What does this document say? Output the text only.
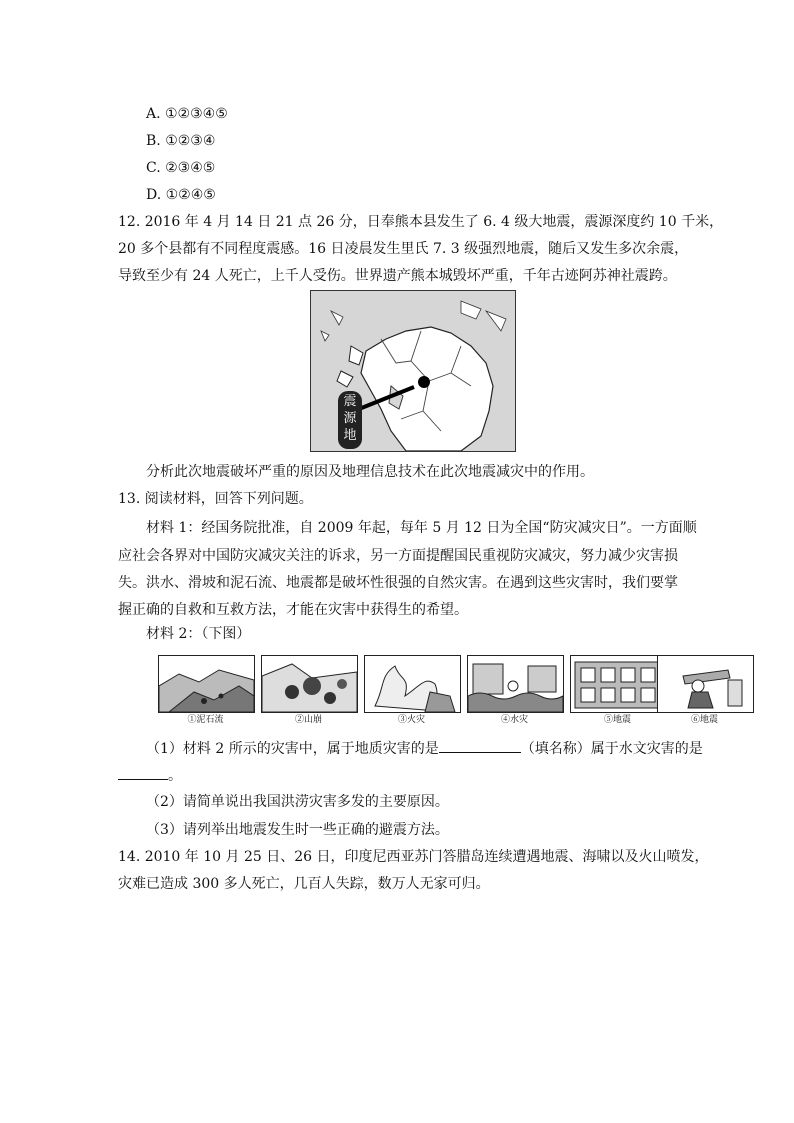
A. ①②③④⑤
B. ①②③④
C. ②③④⑤
D. ①②④⑤
12. 2016 年 4 月 14 日 21 点 26 分，日奉熊本县发生了 6. 4 级大地震，震源深度约 10 千米，
20 多个县都有不同程度震感。16 日凌晨发生里氏 7. 3 级强烈地震，随后又发生多次余震，
导致至少有 24 人死亡，上千人受伤。世界遗产熊本城毁坏严重，千年古迹阿苏神社震跨。
震
源
地
分析此次地震破坏严重的原因及地理信息技术在此次地震减灾中的作用。
13. 阅读材料，回答下列问题。
材料 1：经国务院批准，自 2009 年起，每年 5 月 12 日为全国“防灾减灾日”。一方面顺
应社会各界对中国防灾减灾关注的诉求，另一方面提醒国民重视防灾减灾，努力减少灾害损
失。洪水、滑坡和泥石流、地震都是破坏性很强的自然灾害。在遇到这些灾害时，我们要掌
握正确的自救和互救方法，才能在灾害中获得生的希望。
材料 2：（下图）
①泥石流	②山崩	③火灾	④水灾	⑤地震	⑥地震
（1）材料 2 所示的灾害中，属于地质灾害的是	（填名称）属于水文灾害的是
。
（2）请简单说出我国洪涝灾害多发的主要原因。
（3）请列举出地震发生时一些正确的避震方法。
14. 2010 年 10 月 25 日、26 日，印度尼西亚苏门答腊岛连续遭遇地震、海啸以及火山喷发，
灾难已造成 300 多人死亡，几百人失踪，数万人无家可归。
